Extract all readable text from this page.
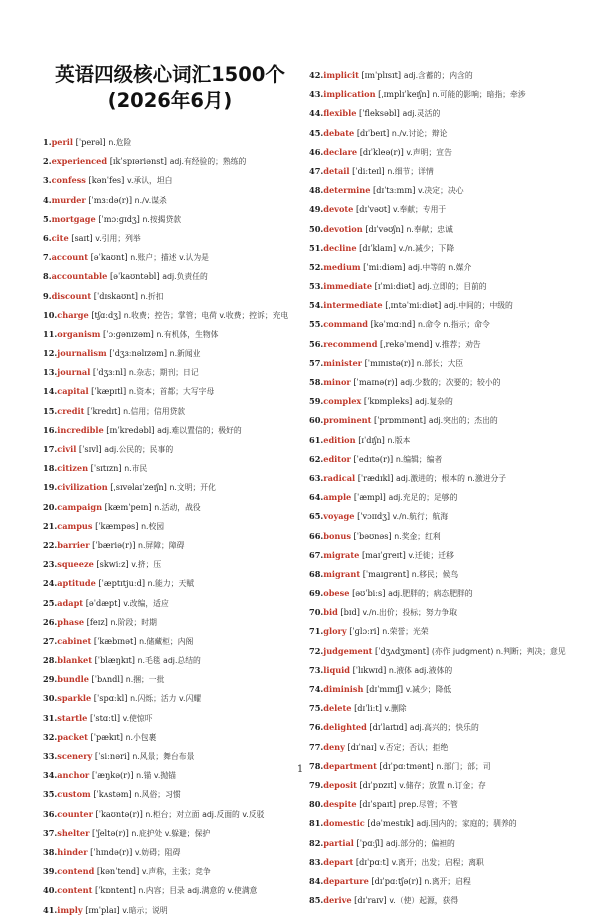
英语四级核心词汇1500个
(2026年6月)
1.peril [ˈperəl] n.危险
2.experienced [ɪkˈspɪəriənst] adj.有经验的；熟练的
3.confess [kənˈfes] v.承认，坦白
4.murder [ˈmɜːdə(r)] n./v.谋杀
5.mortgage [ˈmɔːɡɪdʒ] n.按揭贷款
6.cite [saɪt] v.引用；列举
7.account [əˈkaʊnt] n.账户；描述 v.认为是
8.accountable [əˈkaʊntəbl] adj.负责任的
9.discount [ˈdɪskaʊnt] n.折扣
10.charge [tʃɑːdʒ] n.收费；控告；掌管；电荷 v.收费；控诉；充电
11.organism [ˈɔːɡənɪzəm] n.有机体，生物体
12.journalism [ˈdʒɜːnəlɪzəm] n.新闻业
13.journal [ˈdʒɜːnl] n.杂志；期刊；日记
14.capital [ˈkæpɪtl] n.资本；首都；大写字母
15.credit [ˈkredɪt] n.信用；信用贷款
16.incredible [ɪnˈkredəbl] adj.难以置信的；极好的
17.civil [ˈsɪvl] adj.公民的；民事的
18.citizen [ˈsɪtɪzn] n.市民
19.civilization [ˌsɪvəlaɪˈzeɪʃn] n.文明；开化
20.campaign [kæmˈpeɪn] n.活动，战役
21.campus [ˈkæmpəs] n.校园
22.barrier [ˈbæriə(r)] n.屏障；障碍
23.squeeze [skwiːz] v.挤；压
24.aptitude [ˈæptɪtjuːd] n.能力；天赋
25.adapt [əˈdæpt] v.改编，适应
26.phase [feɪz] n.阶段；时期
27.cabinet [ˈkæbɪnət] n.储藏柜；内阁
28.blanket [ˈblæŋkɪt] n.毛毯 adj.总结的
29.bundle [ˈbʌndl] n.捆；一批
30.sparkle [ˈspɑːkl] n.闪烁；活力 v.闪耀
31.startle [ˈstɑːtl] v.使惊吓
32.packet [ˈpækɪt] n.小包裹
33.scenery [ˈsiːnəri] n.风景；舞台布景
34.anchor [ˈæŋkə(r)] n.锚 v.抛锚
35.custom [ˈkʌstəm] n.风俗；习惯
36.counter [ˈkaʊntə(r)] n.柜台；对立面 adj.反面的 v.反驳
37.shelter [ˈʃeltə(r)] n.庇护处 v.躲避；保护
38.hinder [ˈhɪndə(r)] v.妨碍；阻碍
39.contend [kənˈtend] v.声称，主张；竞争
40.content [ˈkɒntent] n.内容；目录 adj.满意的 v.使满意
41.imply [ɪmˈplaɪ] v.暗示；说明
42.implicit [ɪmˈplɪsɪt] adj.含蓄的；内含的
43.implication [ˌɪmplɪˈkeɪʃn] n.可能的影响；暗指；牵涉
44.flexible [ˈfleksəbl] adj.灵活的
45.debate [dɪˈbeɪt] n./v.讨论；辩论
46.declare [dɪˈkleə(r)] v.声明；宣告
47.detail [ˈdiːteɪl] n.细节；详情
48.determine [dɪˈtɜːmɪn] v.决定；决心
49.devote [dɪˈvəʊt] v.奉献；专用于
50.devotion [dɪˈvəʊʃn] n.奉献；忠诚
51.decline [dɪˈklaɪn] v./n.减少；下降
52.medium [ˈmiːdiəm] adj.中等的 n.媒介
53.immediate [ɪˈmiːdiət] adj.立即的；目前的
54.intermediate [ˌɪntəˈmiːdiət] adj.中间的；中级的
55.command [kəˈmɑːnd] n.命令 n.指示；命令
56.recommend [ˌrekəˈmend] v.推荐；劝告
57.minister [ˈmɪnɪstə(r)] n.部长；大臣
58.minor [ˈmaɪnə(r)] adj.少数的；次要的；较小的
59.complex [ˈkɒmpleks] adj.复杂的
60.prominent [ˈprɒmɪnənt] adj.突出的；杰出的
61.edition [ɪˈdɪʃn] n.版本
62.editor [ˈedɪtə(r)] n.编辑；编者
63.radical [ˈrædɪkl] adj.激进的；根本的 n.激进分子
64.ample [ˈæmpl] adj.充足的；足够的
65.voyage [ˈvɔɪɪdʒ] v./n.航行；航海
66.bonus [ˈbəʊnəs] n.奖金；红利
67.migrate [maɪˈɡreɪt] v.迁徙；迁移
68.migrant [ˈmaɪɡrənt] n.移民；候鸟
69.obese [əʊˈbiːs] adj.肥胖的；病态肥胖的
70.bid [bɪd] v./n.出价；投标；努力争取
71.glory [ˈɡlɔːri] n.荣誉；光荣
72.judgement [ˈdʒʌdʒmənt] (亦作 judgment) n.判断；判决；意见
73.liquid [ˈlɪkwɪd] n.液体 adj.液体的
74.diminish [dɪˈmɪnɪʃ] v.减少；降低
75.delete [dɪˈliːt] v.删除
76.delighted [dɪˈlaɪtɪd] adj.高兴的；快乐的
77.deny [dɪˈnaɪ] v.否定；否认；拒绝
78.department [dɪˈpɑːtmənt] n.部门；部；司
79.deposit [dɪˈpɒzɪt] v.储存；放置 n.订金；存
80.despite [dɪˈspaɪt] prep.尽管；不管
81.domestic [dəˈmestɪk] adj.国内的；家庭的；驯养的
82.partial [ˈpɑːʃl] adj.部分的；偏袒的
83.depart [dɪˈpɑːt] v.离开；出发；启程；离职
84.departure [dɪˈpɑːtʃə(r)] n.离开；启程
85.derive [dɪˈraɪv] v.（使）起源，获得
1
